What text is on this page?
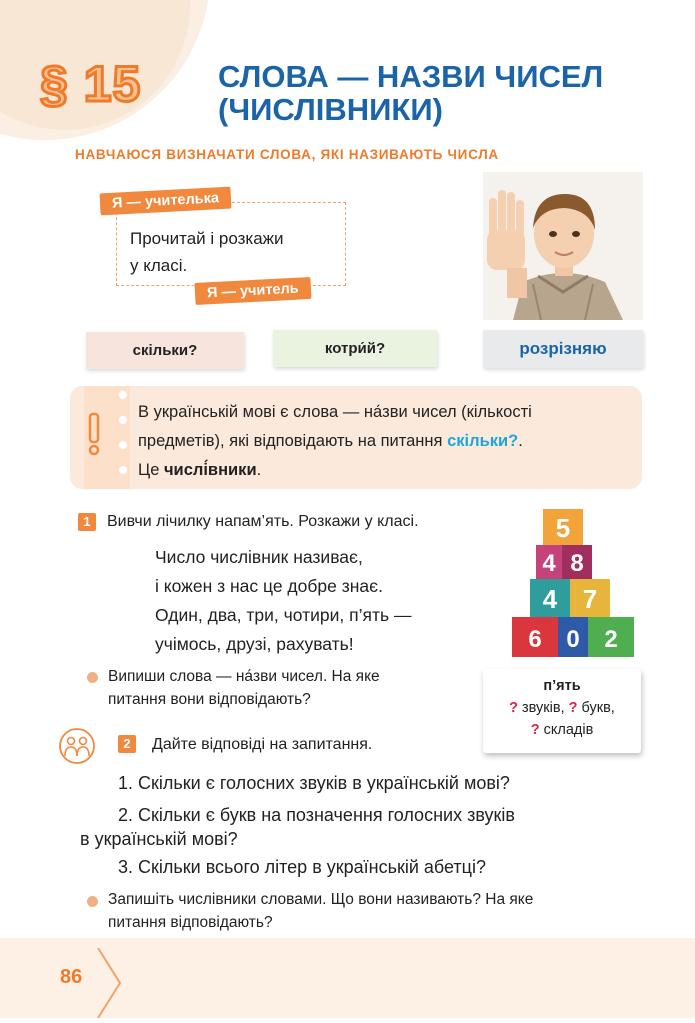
§ 15 СЛОВА — НАЗВИ ЧИСЕЛ
(ЧИСЛІВНИКИ)
НАВЧАЮСЯ ВИЗНАЧАТИ СЛОВА, ЯКІ НАЗИВАЮТЬ ЧИСЛА
Прочитай і розкажи
у класі.
Я — учителька
Я — учитель
скільки?	котри́й?	розрізняю
В українській мові є слова — на́зви чисел (кількості
предметів), які відповідають на питання скільки?.
Це числі́вники.
1	Вивчи лічилку напам’ять. Розкажи у класі.
Число числівник називає,
і кожен з нас це добре знає.
Один, два, три, чотири, п’ять —
учімось, друзі, рахувать!
5
4 8
4 7
6 0 2
Випиши слова — на́зви чисел. На яке
питання вони відповідають?
п’ять
? звуків, ? букв,
? складів
2	Дайте відповіді на запитання.
1. Скільки є голосних звуків в українській мові?
2. Скільки є букв на позначення голосних звуків
в українській мові?
3. Скільки всього літер в українській абетці?
Запишіть числівники словами. Що вони називають? На яке
питання відповідають?
86
